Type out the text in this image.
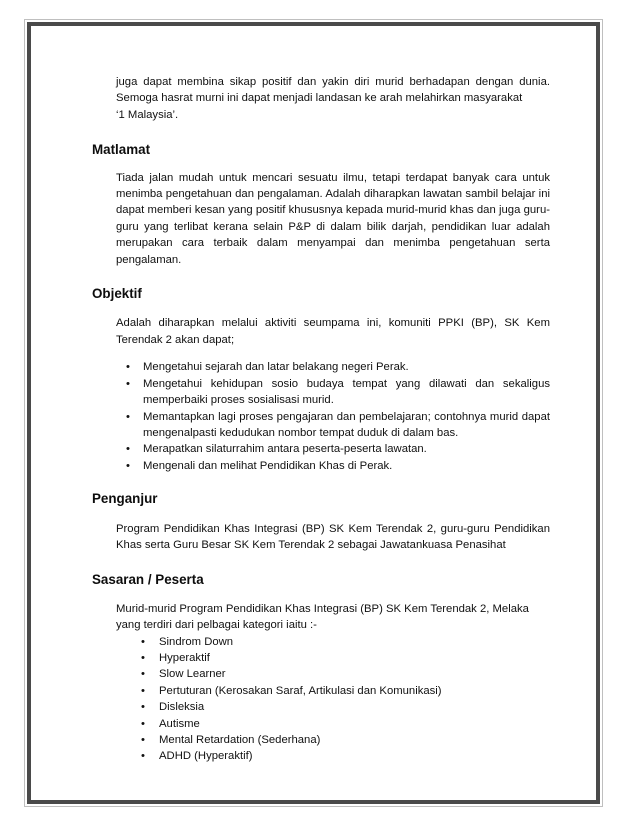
juga dapat membina sikap positif dan yakin diri murid berhadapan dengan dunia.

Semoga hasrat murni ini dapat menjadi landasan ke arah melahirkan masyarakat

‘1 Malaysia’.

Matlamat

Tiada jalan mudah untuk mencari sesuatu ilmu, tetapi terdapat banyak cara untuk menimba pengetahuan dan pengalaman. Adalah diharapkan lawatan sambil belajar ini dapat memberi kesan yang positif khususnya kepada murid-murid khas dan juga guru-guru yang terlibat kerana selain P&P di dalam bilik darjah, pendidikan luar adalah merupakan cara terbaik dalam menyampai dan menimba pengetahuan serta pengalaman.

Objektif

Adalah diharapkan melalui aktiviti seumpama ini, komuniti PPKI (BP), SK Kem Terendak 2 akan dapat;

• Mengetahui sejarah dan latar belakang negeri Perak.
• Mengetahui kehidupan sosio budaya tempat yang dilawati dan sekaligus memperbaiki proses sosialisasi murid.
• Memantapkan lagi proses pengajaran dan pembelajaran; contohnya murid dapat mengenalpasti kedudukan nombor tempat duduk di dalam bas.
• Merapatkan silaturrahim antara peserta-peserta lawatan.
• Mengenali dan melihat Pendidikan Khas di Perak.
Penganjur

Program Pendidikan Khas Integrasi (BP) SK Kem Terendak 2, guru-guru Pendidikan Khas serta Guru Besar SK Kem Terendak 2 sebagai Jawatankuasa Penasihat

Sasaran / Peserta

Murid-murid Program Pendidikan Khas Integrasi (BP) SK Kem Terendak 2, Melaka

yang terdiri dari pelbagai kategori iaitu :-

• Sindrom Down
• Hyperaktif
• Slow Learner
• Pertuturan (Kerosakan Saraf, Artikulasi dan Komunikasi)
• Disleksia
• Autisme
• Mental Retardation (Sederhana)
• ADHD (Hyperaktif)
